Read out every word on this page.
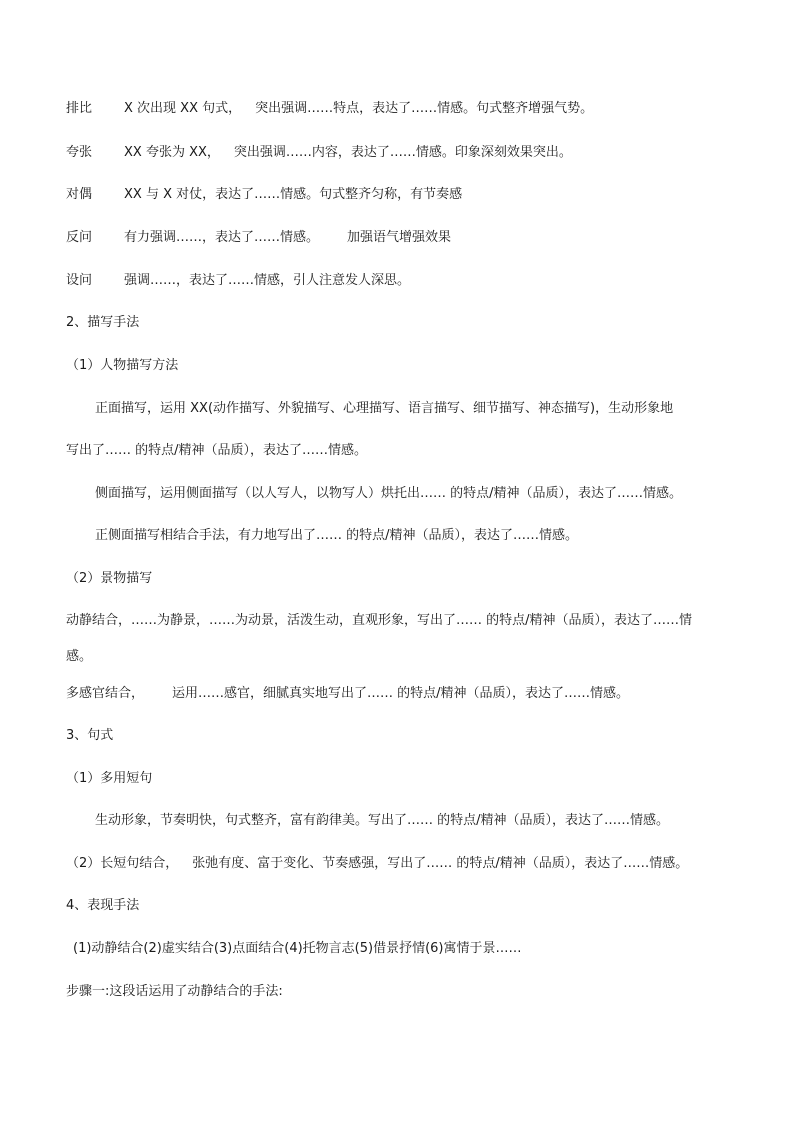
排比 X 次出现 XX 句式， 突出强调……特点，表达了……情感。句式整齐增强气势。
夸张 XX 夸张为 XX， 突出强调……内容，表达了……情感。印象深刻效果突出。
对偶 XX 与 X 对仗，表达了……情感。句式整齐匀称，有节奏感
反问 有力强调……，表达了……情感。 加强语气增强效果
设问 强调……，表达了……情感，引人注意发人深思。
2、描写手法
（1）人物描写方法
正面描写，运用 XX(动作描写、外貌描写、心理描写、语言描写、细节描写、神态描写)，生动形象地
写出了…… 的特点/精神（品质），表达了……情感。
侧面描写，运用侧面描写（以人写人，以物写人）烘托出…… 的特点/精神（品质），表达了……情感。
正侧面描写相结合手法，有力地写出了…… 的特点/精神（品质），表达了……情感。
（2）景物描写
动静结合，……为静景，……为动景，活泼生动，直观形象，写出了…… 的特点/精神（品质），表达了……情
感。
多感官结合， 运用……感官，细腻真实地写出了…… 的特点/精神（品质），表达了……情感。
3、句式
（1）多用短句
生动形象，节奏明快，句式整齐，富有韵律美。写出了…… 的特点/精神（品质），表达了……情感。
（2）长短句结合， 张弛有度、富于变化、节奏感强，写出了…… 的特点/精神（品质），表达了……情感。
4、表现手法
(1)动静结合(2)虚实结合(3)点面结合(4)托物言志(5)借景抒情(6)寓情于景……
步骤一:这段话运用了动静结合的手法:
